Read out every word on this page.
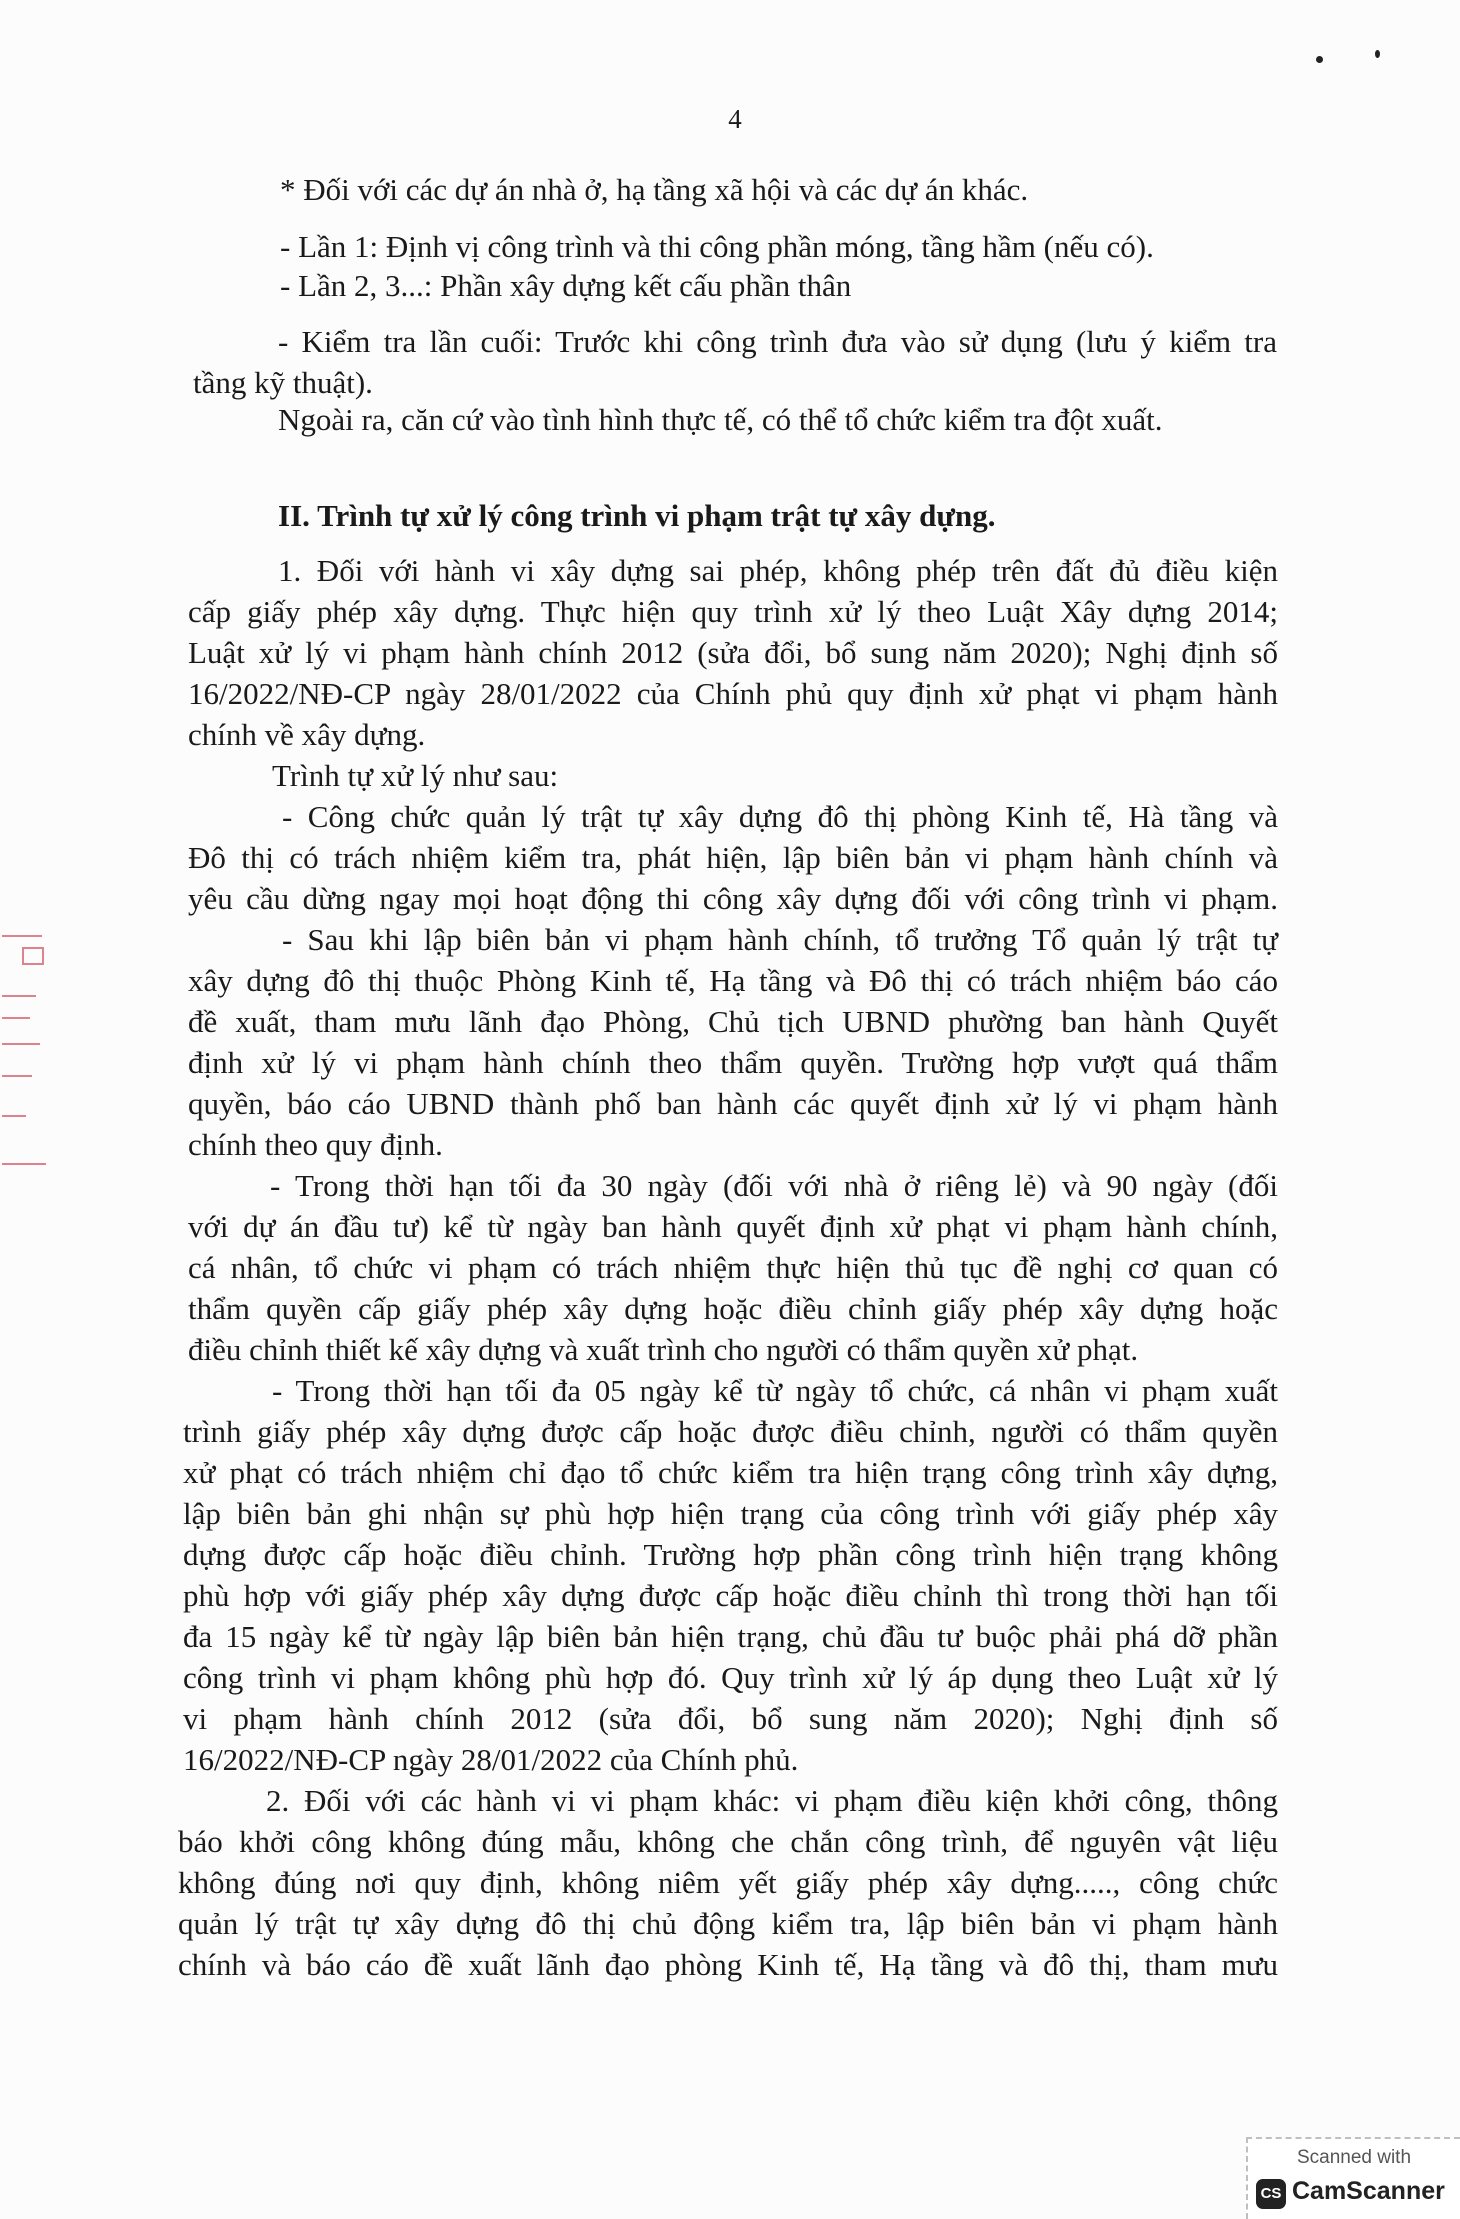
4
* Đối với các dự án nhà ở, hạ tầng xã hội và các dự án khác.
- Lần 1: Định vị công trình và thi công phần móng, tầng hầm (nếu có).
- Lần 2, 3...: Phần xây dựng kết cấu phần thân
- Kiểm tra lần cuối: Trước khi công trình đưa vào sử dụng (lưu ý kiểm tra
tầng kỹ thuật).
Ngoài ra, căn cứ vào tình hình thực tế, có thể tổ chức kiểm tra đột xuất.
II. Trình tự xử lý công trình vi phạm trật tự xây dựng.
1. Đối với hành vi xây dựng sai phép, không phép trên đất đủ điều kiện
cấp giấy phép xây dựng. Thực hiện quy trình xử lý theo Luật Xây dựng 2014;
Luật xử lý vi phạm hành chính 2012 (sửa đổi, bổ sung năm 2020); Nghị định số
16/2022/NĐ-CP ngày 28/01/2022 của Chính phủ quy định xử phạt vi phạm hành
chính về xây dựng.
Trình tự xử lý như sau:
- Công chức quản lý trật tự xây dựng đô thị phòng Kinh tế, Hà tầng và
Đô thị có trách nhiệm kiểm tra, phát hiện, lập biên bản vi phạm hành chính và
yêu cầu dừng ngay mọi hoạt động thi công xây dựng đối với công trình vi phạm.
- Sau khi lập biên bản vi phạm hành chính, tổ trưởng Tổ quản lý trật tự
xây dựng đô thị thuộc Phòng Kinh tế, Hạ tầng và Đô thị có trách nhiệm báo cáo
đề xuất, tham mưu lãnh đạo Phòng, Chủ tịch UBND phường ban hành Quyết
định xử lý vi phạm hành chính theo thẩm quyền. Trường hợp vượt quá thẩm
quyền, báo cáo UBND thành phố ban hành các quyết định xử lý vi phạm hành
chính theo quy định.
- Trong thời hạn tối đa 30 ngày (đối với nhà ở riêng lẻ) và 90 ngày (đối
với dự án đầu tư) kể từ ngày ban hành quyết định xử phạt vi phạm hành chính,
cá nhân, tổ chức vi phạm có trách nhiệm thực hiện thủ tục đề nghị cơ quan có
thẩm quyền cấp giấy phép xây dựng hoặc điều chỉnh giấy phép xây dựng hoặc
điều chỉnh thiết kế xây dựng và xuất trình cho người có thẩm quyền xử phạt.
- Trong thời hạn tối đa 05 ngày kể từ ngày tổ chức, cá nhân vi phạm xuất
trình giấy phép xây dựng được cấp hoặc được điều chỉnh, người có thẩm quyền
xử phạt có trách nhiệm chỉ đạo tổ chức kiểm tra hiện trạng công trình xây dựng,
lập biên bản ghi nhận sự phù hợp hiện trạng của công trình với giấy phép xây
dựng được cấp hoặc điều chỉnh. Trường hợp phần công trình hiện trạng không
phù hợp với giấy phép xây dựng được cấp hoặc điều chỉnh thì trong thời hạn tối
đa 15 ngày kể từ ngày lập biên bản hiện trạng, chủ đầu tư buộc phải phá dỡ phần
công trình vi phạm không phù hợp đó. Quy trình xử lý áp dụng theo Luật xử lý
vi phạm hành chính 2012 (sửa đổi, bổ sung năm 2020); Nghị định số
16/2022/NĐ-CP ngày 28/01/2022 của Chính phủ.
2. Đối với các hành vi vi phạm khác: vi phạm điều kiện khởi công, thông
báo khởi công không đúng mẫu, không che chắn công trình, để nguyên vật liệu
không đúng nơi quy định, không niêm yết giấy phép xây dựng....., công chức
quản lý trật tự xây dựng đô thị chủ động kiểm tra, lập biên bản vi phạm hành
chính và báo cáo đề xuất lãnh đạo phòng Kinh tế, Hạ tầng và đô thị, tham mưu
Scanned with
CS CamScanner
